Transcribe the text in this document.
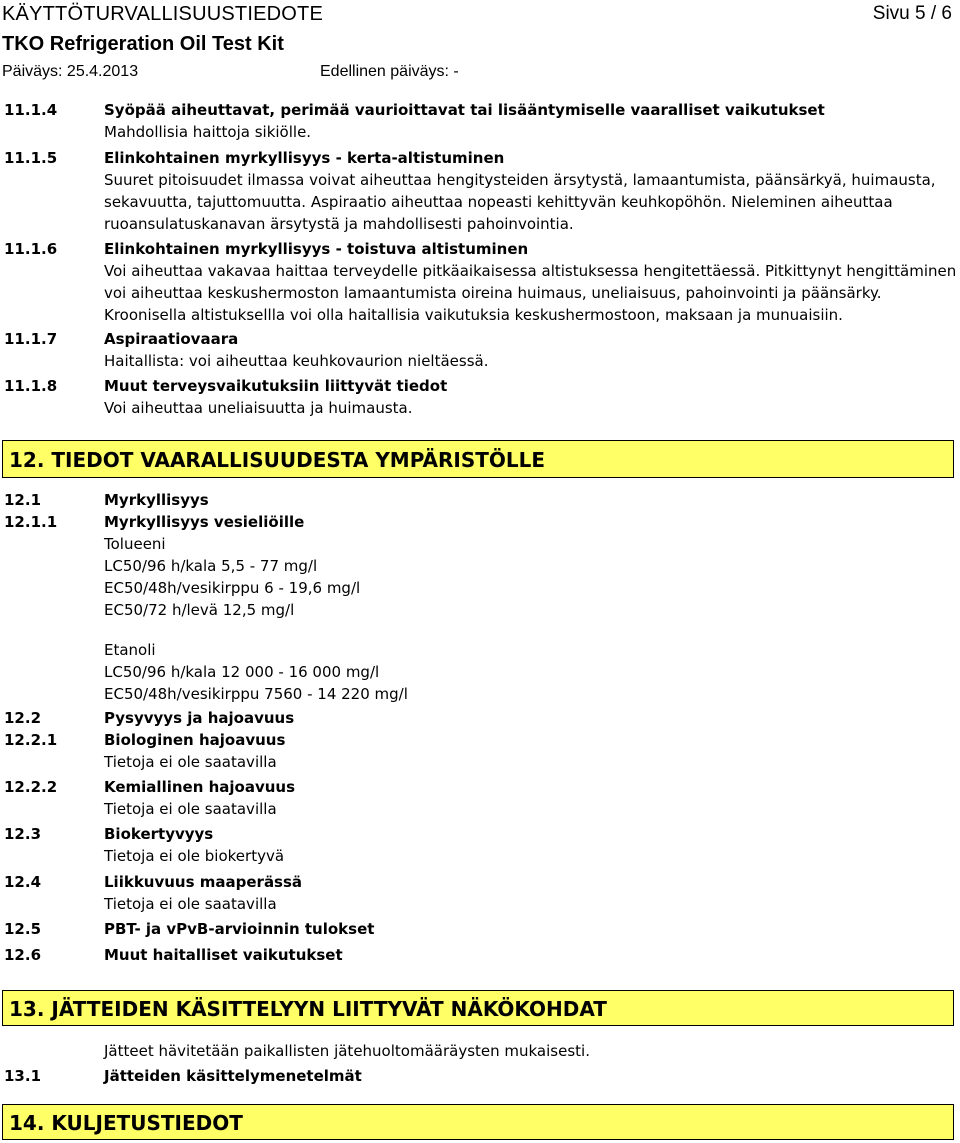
KÄYTTÖTURVALLISUUSTIEDOTE	Sivu 5 / 6
TKO Refrigeration Oil Test Kit
Päiväys: 25.4.2013	Edellinen päiväys: -
11.1.4	Syöpää aiheuttavat, perimää vaurioittavat tai lisääntymiselle vaaralliset vaikutukset
Mahdollisia haittoja sikiölle.
11.1.5	Elinkohtainen myrkyllisyys - kerta-altistuminen
Suuret pitoisuudet ilmassa voivat aiheuttaa hengitysteiden ärsytystä, lamaantumista, päänsärkyä, huimausta,
sekavuutta, tajuttomuutta. Aspiraatio aiheuttaa nopeasti kehittyvän keuhkopöhön. Nieleminen aiheuttaa
ruoansulatuskanavan ärsytystä ja mahdollisesti pahoinvointia.
11.1.6	Elinkohtainen myrkyllisyys - toistuva altistuminen
Voi aiheuttaa vakavaa haittaa terveydelle pitkäaikaisessa altistuksessa hengitettäessä. Pitkittynyt hengittäminen
voi aiheuttaa keskushermoston lamaantumista oireina huimaus, uneliaisuus, pahoinvointi ja päänsärky.
Kroonisella altistuksellla voi olla haitallisia vaikutuksia keskushermostoon, maksaan ja munuaisiin.
11.1.7	Aspiraatiovaara
Haitallista: voi aiheuttaa keuhkovaurion nieltäessä.
11.1.8	Muut terveysvaikutuksiin liittyvät tiedot
Voi aiheuttaa uneliaisuutta ja huimausta.
12. TIEDOT VAARALLISUUDESTA YMPÄRISTÖLLE
12.1	Myrkyllisyys
12.1.1	Myrkyllisyys vesieliöille
Tolueeni
LC50/96 h/kala 5,5 - 77 mg/l
EC50/48h/vesikirppu 6 - 19,6 mg/l
EC50/72 h/levä 12,5 mg/l
Etanoli
LC50/96 h/kala 12 000 - 16 000 mg/l
EC50/48h/vesikirppu 7560 - 14 220 mg/l
12.2	Pysyvyys ja hajoavuus
12.2.1	Biologinen hajoavuus
Tietoja ei ole saatavilla
12.2.2	Kemiallinen hajoavuus
Tietoja ei ole saatavilla
12.3	Biokertyvyys
Tietoja ei ole biokertyvä
12.4	Liikkuvuus maaperässä
Tietoja ei ole saatavilla
12.5	PBT- ja vPvB-arvioinnin tulokset
12.6	Muut haitalliset vaikutukset
13. JÄTTEIDEN KÄSITTELYYN LIITTYVÄT NÄKÖKOHDAT
Jätteet hävitetään paikallisten jätehuoltomääräysten mukaisesti.
13.1	Jätteiden käsittelymenetelmät
14. KULJETUSTIEDOT
